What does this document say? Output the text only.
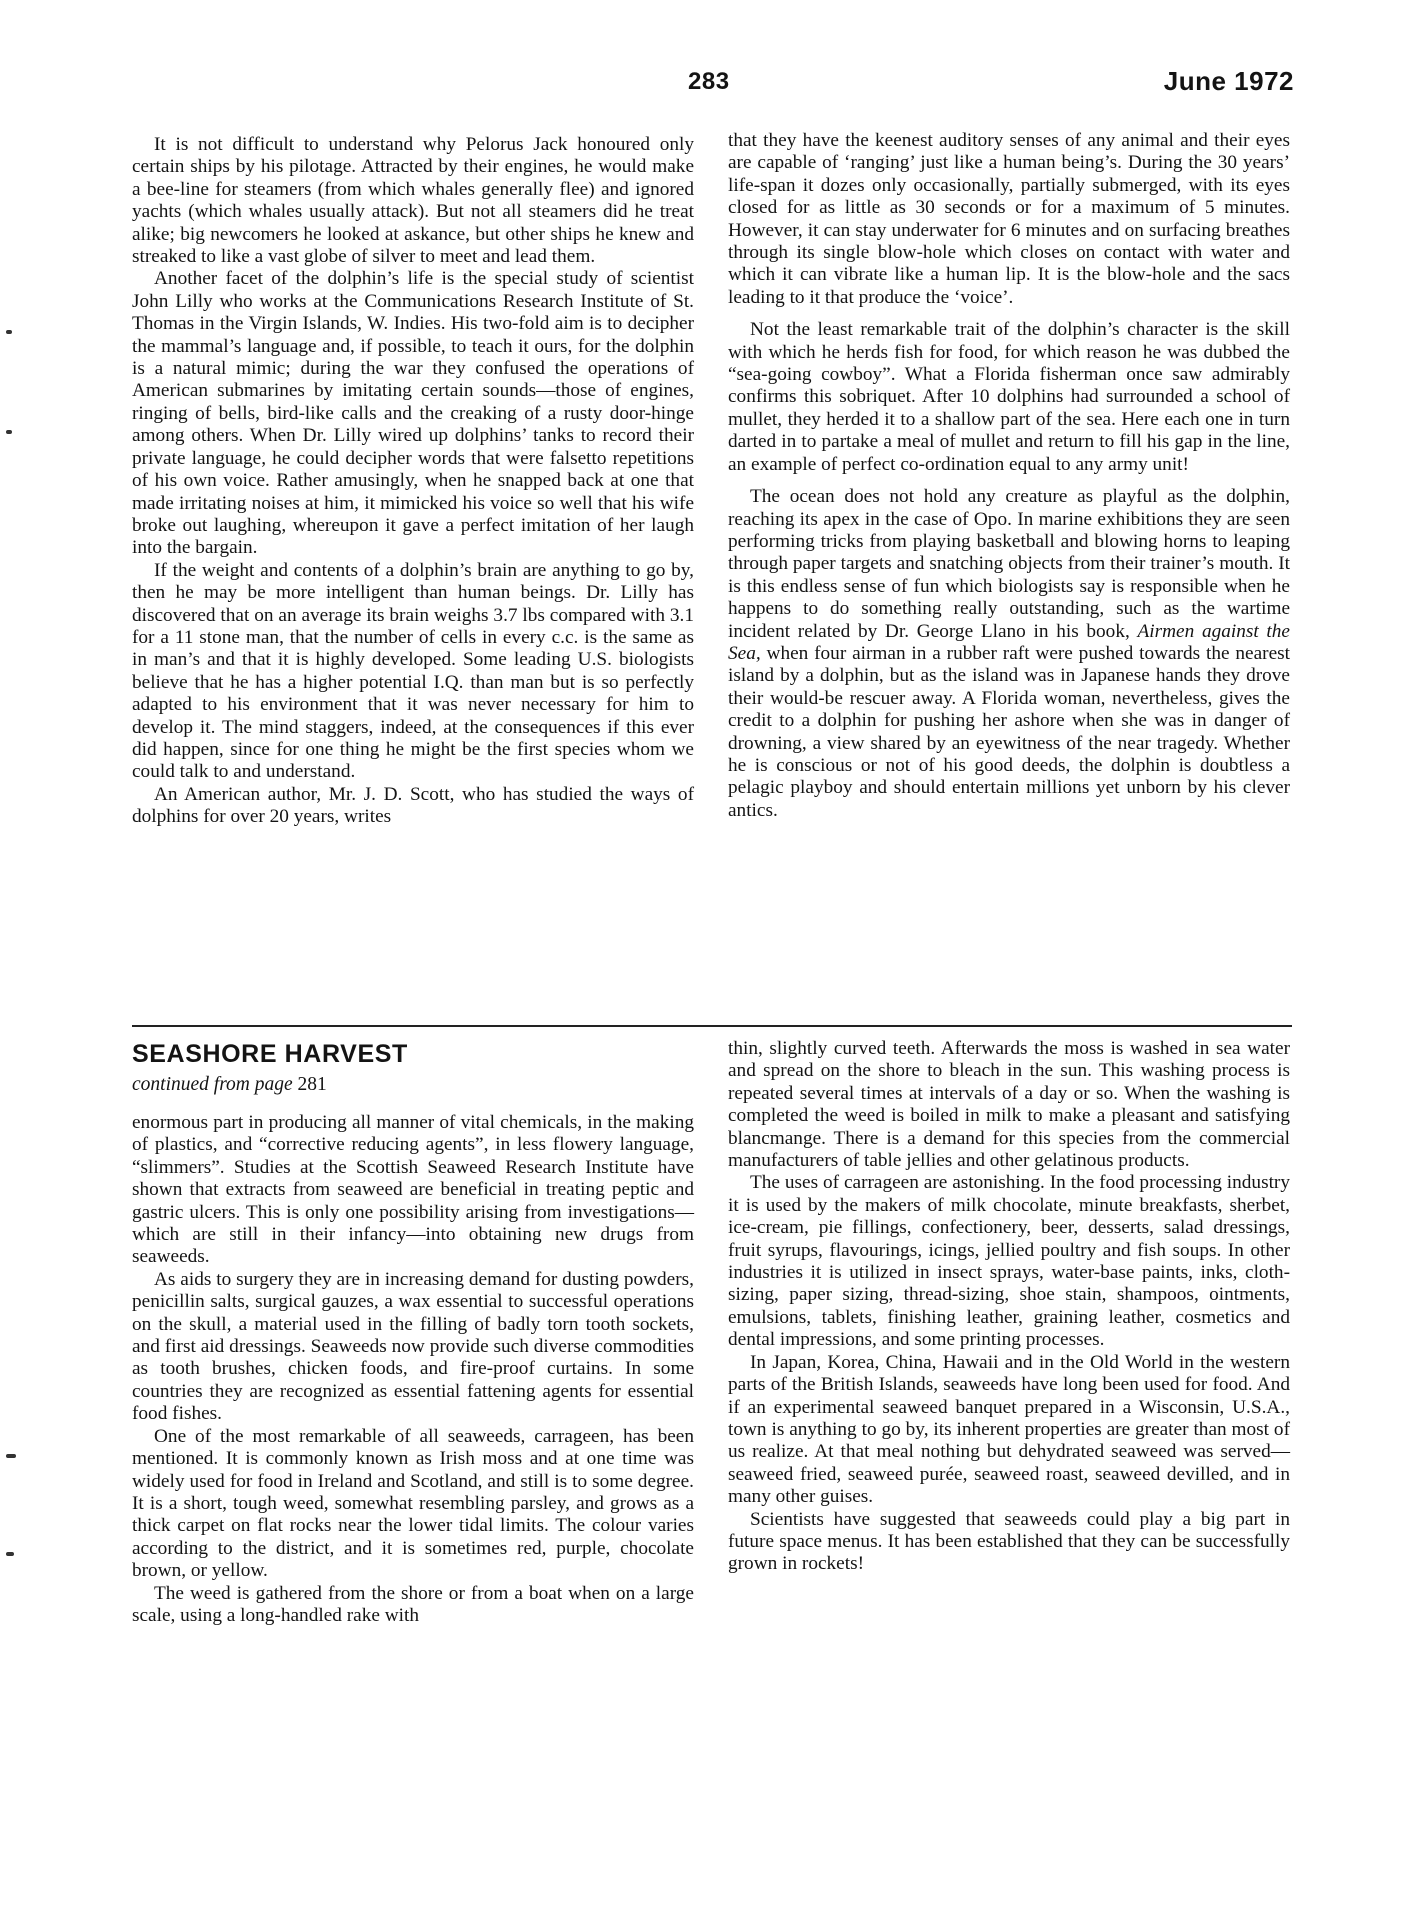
283	June 1972

It is not difficult to understand why Pelorus Jack honoured only certain ships by his pilotage. Attracted by their engines, he would make a bee-line for steamers (from which whales generally flee) and ignored yachts (which whales usually attack). But not all steamers did he treat alike; big newcomers he looked at askance, but other ships he knew and streaked to like a vast globe of silver to meet and lead them.

Another facet of the dolphin’s life is the special study of scientist John Lilly who works at the Communications Research Institute of St. Thomas in the Virgin Islands, W. Indies. His two-fold aim is to decipher the mammal’s language and, if possible, to teach it ours, for the dolphin is a natural mimic; during the war they confused the operations of American submarines by imitating certain sounds—those of engines, ringing of bells, bird-like calls and the creaking of a rusty door-hinge among others. When Dr. Lilly wired up dolphins’ tanks to record their private language, he could decipher words that were falsetto repetitions of his own voice. Rather amusingly, when he snapped back at one that made irritating noises at him, it mimicked his voice so well that his wife broke out laughing, whereupon it gave a perfect imitation of her laugh into the bargain.

If the weight and contents of a dolphin’s brain are anything to go by, then he may be more intelligent than human beings. Dr. Lilly has discovered that on an average its brain weighs 3.7 lbs compared with 3.1 for a 11 stone man, that the number of cells in every c.c. is the same as in man’s and that it is highly developed. Some leading U.S. biologists believe that he has a higher potential I.Q. than man but is so perfectly adapted to his environment that it was never necessary for him to develop it. The mind staggers, indeed, at the consequences if this ever did happen, since for one thing he might be the first species whom we could talk to and understand.

An American author, Mr. J. D. Scott, who has studied the ways of dolphins for over 20 years, writes

that they have the keenest auditory senses of any animal and their eyes are capable of ‘ranging’ just like a human being’s. During the 30 years’ life-span it dozes only occasionally, partially submerged, with its eyes closed for as little as 30 seconds or for a maximum of 5 minutes. However, it can stay underwater for 6 minutes and on surfacing breathes through its single blow-hole which closes on contact with water and which it can vibrate like a human lip. It is the blow-hole and the sacs leading to it that produce the ‘voice’.

Not the least remarkable trait of the dolphin’s character is the skill with which he herds fish for food, for which reason he was dubbed the “sea-going cowboy”. What a Florida fisherman once saw admirably confirms this sobriquet. After 10 dolphins had surrounded a school of mullet, they herded it to a shallow part of the sea. Here each one in turn darted in to partake a meal of mullet and return to fill his gap in the line, an example of perfect co-ordination equal to any army unit!

The ocean does not hold any creature as playful as the dolphin, reaching its apex in the case of Opo. In marine exhibitions they are seen performing tricks from playing basketball and blowing horns to leaping through paper targets and snatching objects from their trainer’s mouth. It is this endless sense of fun which biologists say is responsible when he happens to do something really outstanding, such as the wartime incident related by Dr. George Llano in his book, Airmen against the Sea, when four airman in a rubber raft were pushed towards the nearest island by a dolphin, but as the island was in Japanese hands they drove their would-be rescuer away. A Florida woman, nevertheless, gives the credit to a dolphin for pushing her ashore when she was in danger of drowning, a view shared by an eyewitness of the near tragedy. Whether he is conscious or not of his good deeds, the dolphin is doubtless a pelagic playboy and should entertain millions yet unborn by his clever antics.

SEASHORE HARVEST
continued from page 281

enormous part in producing all manner of vital chemicals, in the making of plastics, and “corrective reducing agents”, in less flowery language, “slimmers”. Studies at the Scottish Seaweed Research Institute have shown that extracts from seaweed are beneficial in treating peptic and gastric ulcers. This is only one possibility arising from investigations—which are still in their infancy—into obtaining new drugs from seaweeds.

As aids to surgery they are in increasing demand for dusting powders, penicillin salts, surgical gauzes, a wax essential to successful operations on the skull, a material used in the filling of badly torn tooth sockets, and first aid dressings. Seaweeds now provide such diverse commodities as tooth brushes, chicken foods, and fire-proof curtains. In some countries they are recognized as essential fattening agents for essential food fishes.

One of the most remarkable of all seaweeds, carrageen, has been mentioned. It is commonly known as Irish moss and at one time was widely used for food in Ireland and Scotland, and still is to some degree. It is a short, tough weed, somewhat resembling parsley, and grows as a thick carpet on flat rocks near the lower tidal limits. The colour varies according to the district, and it is sometimes red, purple, chocolate brown, or yellow.

The weed is gathered from the shore or from a boat when on a large scale, using a long-handled rake with

thin, slightly curved teeth. Afterwards the moss is washed in sea water and spread on the shore to bleach in the sun. This washing process is repeated several times at intervals of a day or so. When the washing is completed the weed is boiled in milk to make a pleasant and satisfying blancmange. There is a demand for this species from the commercial manufacturers of table jellies and other gelatinous products.

The uses of carrageen are astonishing. In the food processing industry it is used by the makers of milk chocolate, minute breakfasts, sherbet, ice-cream, pie fillings, confectionery, beer, desserts, salad dressings, fruit syrups, flavourings, icings, jellied poultry and fish soups. In other industries it is utilized in insect sprays, water-base paints, inks, cloth-sizing, paper sizing, thread-sizing, shoe stain, shampoos, ointments, emulsions, tablets, finishing leather, graining leather, cosmetics and dental impressions, and some printing processes.

In Japan, Korea, China, Hawaii and in the Old World in the western parts of the British Islands, seaweeds have long been used for food. And if an experimental seaweed banquet prepared in a Wisconsin, U.S.A., town is anything to go by, its inherent properties are greater than most of us realize. At that meal nothing but dehydrated seaweed was served—seaweed fried, seaweed purée, seaweed roast, seaweed devilled, and in many other guises.

Scientists have suggested that seaweeds could play a big part in future space menus. It has been established that they can be successfully grown in rockets!
